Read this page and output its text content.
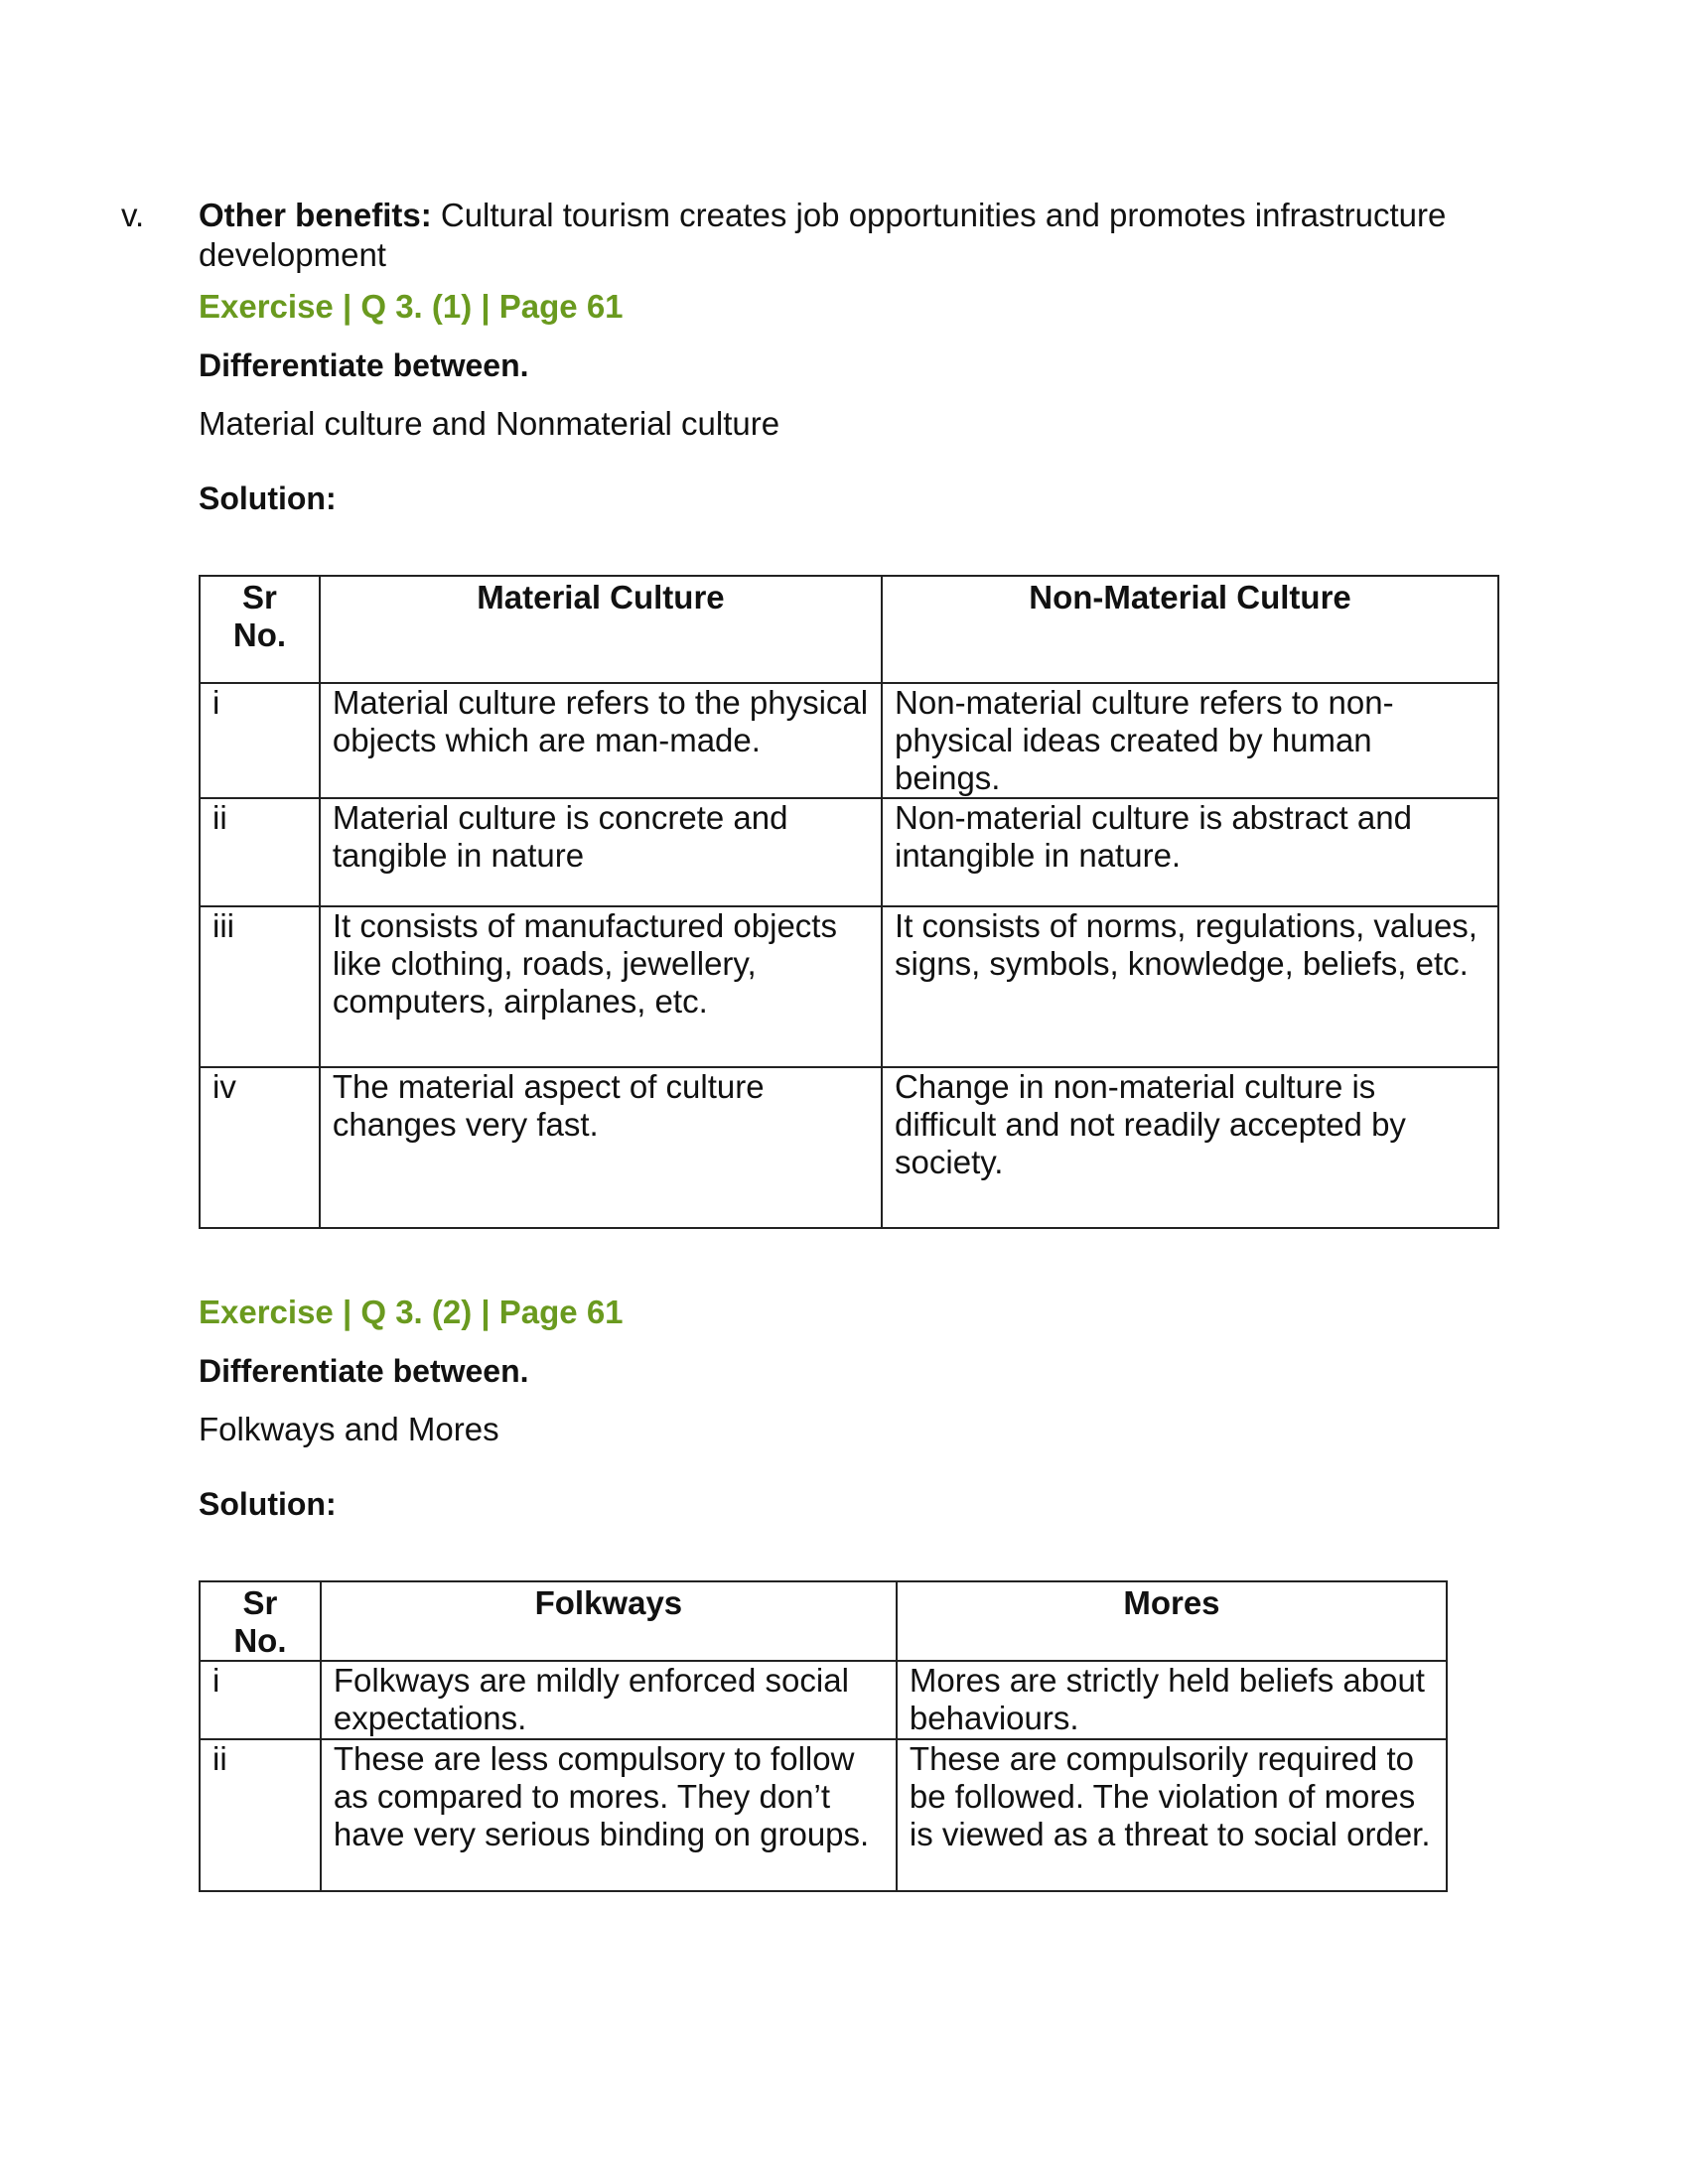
v. Other benefits: Cultural tourism creates job opportunities and promotes infrastructure development
Exercise | Q 3. (1) | Page 61
Differentiate between.
Material culture and Nonmaterial culture
Solution:
Sr No.	Material Culture	Non-Material Culture
i	Material culture refers to the physical objects which are man-made.	Non-material culture refers to non-physical ideas created by human beings.
ii	Material culture is concrete and tangible in nature	Non-material culture is abstract and intangible in nature.
iii	It consists of manufactured objects like clothing, roads, jewellery, computers, airplanes, etc.	It consists of norms, regulations, values, signs, symbols, knowledge, beliefs, etc.
iv	The material aspect of culture changes very fast.	Change in non-material culture is difficult and not readily accepted by society.
Exercise | Q 3. (2) | Page 61
Differentiate between.
Folkways and Mores
Solution:
Sr No.	Folkways	Mores
i	Folkways are mildly enforced social expectations.	Mores are strictly held beliefs about behaviours.
ii	These are less compulsory to follow as compared to mores. They don’t have very serious binding on groups.	These are compulsorily required to be followed. The violation of mores is viewed as a threat to social order.
